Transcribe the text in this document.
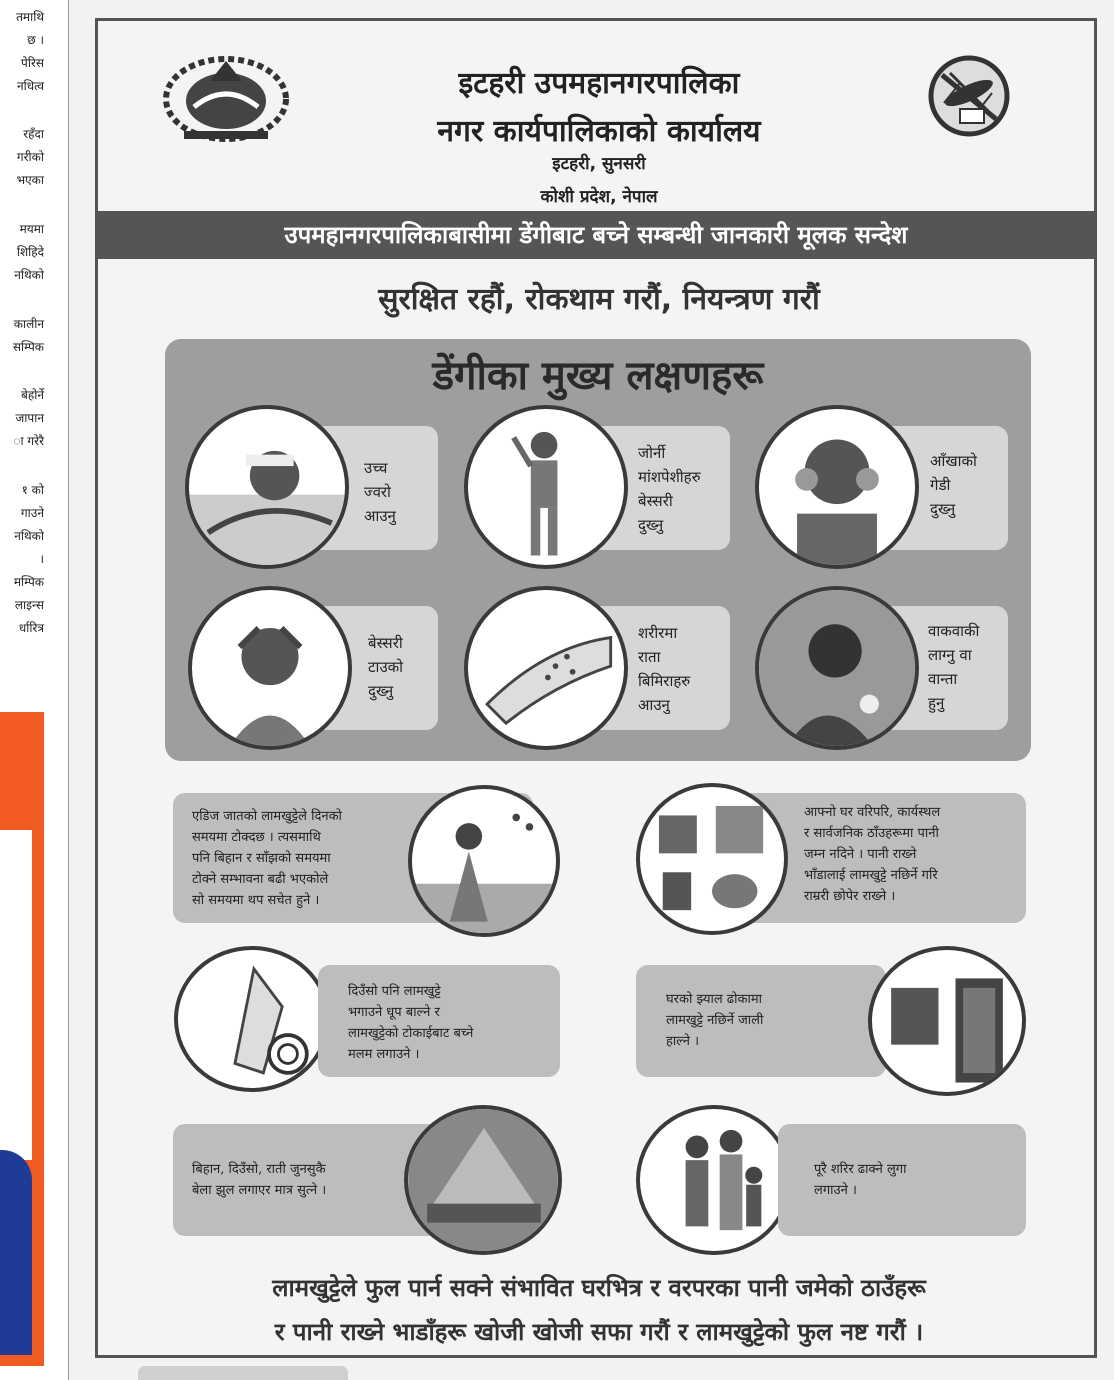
तमाथि
छ ।
पेरिस
नधित्व
रहँदा
गरीको
भएका
मयमा
शिहिदे
नथिको
कालीन
सम्पिक
बेहोर्ने
जापान
ा गरेरै
१ को
गाउने
नथिको
।
मम्पिक
लाइन्स
र्धारित्र
इटहरी उपमहानगरपालिका
नगर कार्यपालिकाको कार्यालय
इटहरी, सुनसरी
कोशी प्रदेश, नेपाल
उपमहानगरपालिकाबासीमा डेंगीबाट बच्ने सम्बन्धी जानकारी मूलक सन्देश
सुरक्षित रहौं, रोकथाम गरौं, नियन्त्रण गरौं
डेंगीका मुख्य लक्षणहरू
उच्च
ज्वरो
आउनु
जोर्नी
मांशपेशीहरु
बेस्सरी
दुख्नु
आँखाको
गेडी
दुख्नु
बेस्सरी
टाउको
दुख्नु
शरीरमा
राता
बिमिराहरु
आउनु
वाकवाकी
लाग्नु वा
वान्ता
हुनु
एडिज जातको लामखुट्टेले दिनको
समयमा टोक्दछ । त्यसमाथि
पनि बिहान र साँझको समयमा
टोक्ने सम्भावना बढी भएकोले
सो समयमा थप सचेत हुने ।
आफ्नो घर वरिपरि, कार्यस्थल
र सार्वजनिक ठाँउहरूमा पानी
जम्न नदिने । पानी राख्ने
भाँडालाई लामखुट्टे नछिर्ने गरि
राम्ररी छोपेर राख्ने ।
दिउँसो पनि लामखुट्टे
भगाउने धूप बाल्ने र
लामखुट्टेको टोकाईबाट बच्ने
मलम लगाउने ।
घरको झ्याल ढोकामा
लामखुट्टे नछिर्ने जाली
हाल्ने ।
बिहान, दिउँसो, राती जुनसुकै
बेला झुल लगाएर मात्र सुत्ने ।
पूरै शरिर ढाक्ने लुगा
लगाउने ।
लामखुट्टेले फुल पार्न सक्ने संभावित घरभित्र र वरपरका पानी जमेको ठाउँहरू
र पानी राख्ने भाडाँहरू खोजी खोजी सफा गरौं र लामखुट्टेको फुल नष्ट गरौं ।
